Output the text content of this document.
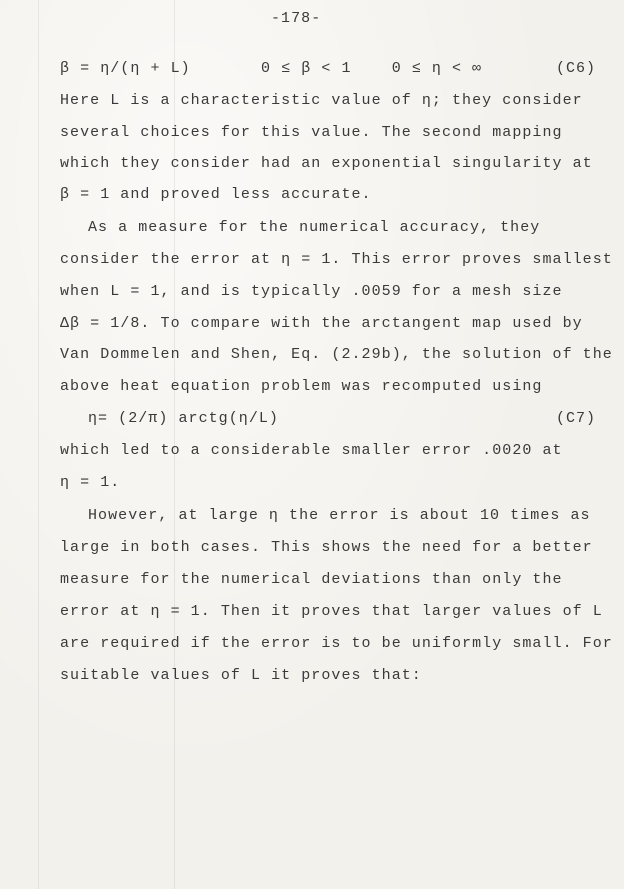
-178-
β = η/(η + L)       0 ≤ β < 1    0 ≤ η < ∞	(C6)
Here L is a characteristic value of η; they consider
several choices for this value. The second mapping
which they consider had an exponential singularity at
β = 1 and proved less accurate.
As a measure for the numerical accuracy, they
consider the error at η = 1. This error proves smallest
when L = 1, and is typically .0059 for a mesh size
Δβ = 1/8. To compare with the arctangent map used by
Van Dommelen and Shen, Eq. (2.29b), the solution of the
above heat equation problem was recomputed using
η= (2/π) arctg(η/L)	(C7)
which led to a considerable smaller error .0020 at
η = 1.
However, at large η the error is about 10 times as
large in both cases. This shows the need for a better
measure for the numerical deviations than only the
error at η = 1. Then it proves that larger values of L
are required if the error is to be uniformly small. For
suitable values of L it proves that:
